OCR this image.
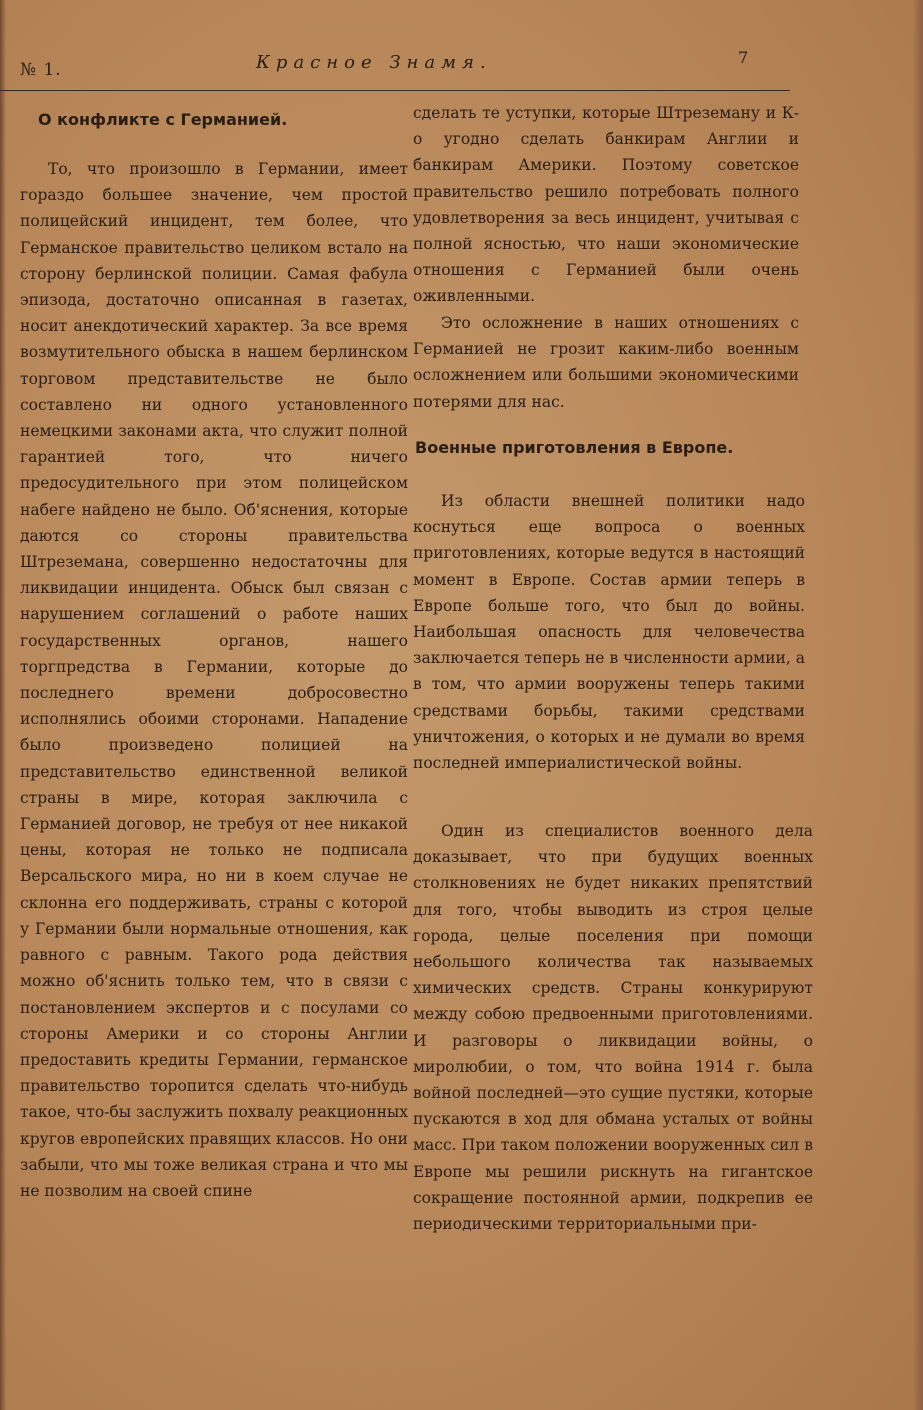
№ 1.	Красное Знамя.	7
О конфликте с Германией.

То, что произошло в Германии, имеет гораздо большее значение, чем простой полицейский инцидент, тем более, что Германское правительство целиком встало на сторону берлинской полиции. Самая фабула эпизода, достаточно описанная в газетах, носит анекдотический характер. За все время возмутительного обыска в нашем берлинском торговом представительстве не было составлено ни одного установленного немецкими законами акта, что служит полной гарантией того, что ничего предосудительного при этом полицейском набеге найдено не было. Об'яснения, которые даются со стороны правительства Штреземана, совершенно недостаточны для ликвидации инцидента. Обыск был связан с нарушением соглашений о работе наших государственных органов, нашего торгпредства в Германии, которые до последнего времени добросовестно исполнялись обоими сторонами. Нападение было произведено полицией на представительство единственной великой страны в мире, которая заключила с Германией договор, не требуя от нее никакой цены, которая не только не подписала Версальского мира, но ни в коем случае не склонна его поддерживать, страны с которой у Германии были нормальные отношения, как равного с равным. Такого рода действия можно об'яснить только тем, что в связи с постановлением экспертов и с посулами со стороны Америки и со стороны Англии предоставить кредиты Германии, германское правительство торопится сделать что-нибудь такое, что-бы заслужить похвалу реакционных кругов европейских правящих классов. Но они забыли, что мы тоже великая страна и что мы не позволим на своей спине

сделать те уступки, которые Штреземану и К-о угодно сделать банкирам Англии и банкирам Америки. Поэтому советское правительство решило потребовать полного удовлетворения за весь инцидент, учитывая с полной ясностью, что наши экономические отношения с Германией были очень оживленными.

Это осложнение в наших отношениях с Германией не грозит каким-либо военным осложнением или большими экономическими потерями для нас.

Военные приготовления в Европе.

Из области внешней политики надо коснуться еще вопроса о военных приготовлениях, которые ведутся в настоящий момент в Европе. Состав армии теперь в Европе больше того, что был до войны. Наибольшая опасность для человечества заключается теперь не в численности армии, а в том, что армии вооружены теперь такими средствами борьбы, такими средствами уничтожения, о которых и не думали во время последней империалистической войны.

Один из специалистов военного дела доказывает, что при будущих военных столкновениях не будет никаких препятствий для того, чтобы выводить из строя целые города, целые поселения при помощи небольшого количества так называемых химических средств. Страны конкурируют между собою предвоенными приготовлениями. И разговоры о ликвидации войны, о миролюбии, о том, что война 1914 г. была войной последней—это сущие пустяки, которые пускаются в ход для обмана усталых от войны масс. При таком положении вооруженных сил в Европе мы решили рискнуть на гигантское сокращение постоянной армии, подкрепив ее периодическими территориальными при-
